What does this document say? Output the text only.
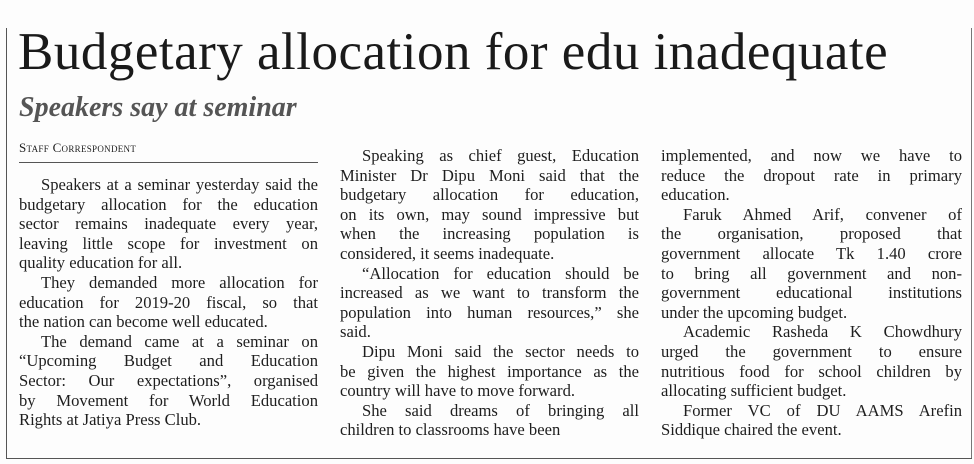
Budgetary allocation for edu inadequate
Speakers say at seminar
Staff Correspondent

Speakers at a seminar yesterday said the
budgetary allocation for the education
sector remains inadequate every year,
leaving little scope for investment on
quality education for all.

They demanded more allocation for
education for 2019-20 fiscal, so that
the nation can become well educated.

The demand came at a seminar on
“Upcoming Budget and Education
Sector: Our expectations”, organised
by Movement for World Education
Rights at Jatiya Press Club.

Speaking as chief guest, Education
Minister Dr Dipu Moni said that the
budgetary allocation for education,
on its own, may sound impressive but
when the increasing population is
considered, it seems inadequate.

“Allocation for education should be
increased as we want to transform the
population into human resources,” she
said.

Dipu Moni said the sector needs to
be given the highest importance as the
country will have to move forward.

She said dreams of bringing all
children to classrooms have been

implemented, and now we have to
reduce the dropout rate in primary
education.

Faruk Ahmed Arif, convener of
the organisation, proposed that
government allocate Tk 1.40 crore
to bring all government and non-
government educational institutions
under the upcoming budget.

Academic Rasheda K Chowdhury
urged the government to ensure
nutritious food for school children by
allocating sufficient budget.

Former VC of DU AAMS Arefin
Siddique chaired the event.
